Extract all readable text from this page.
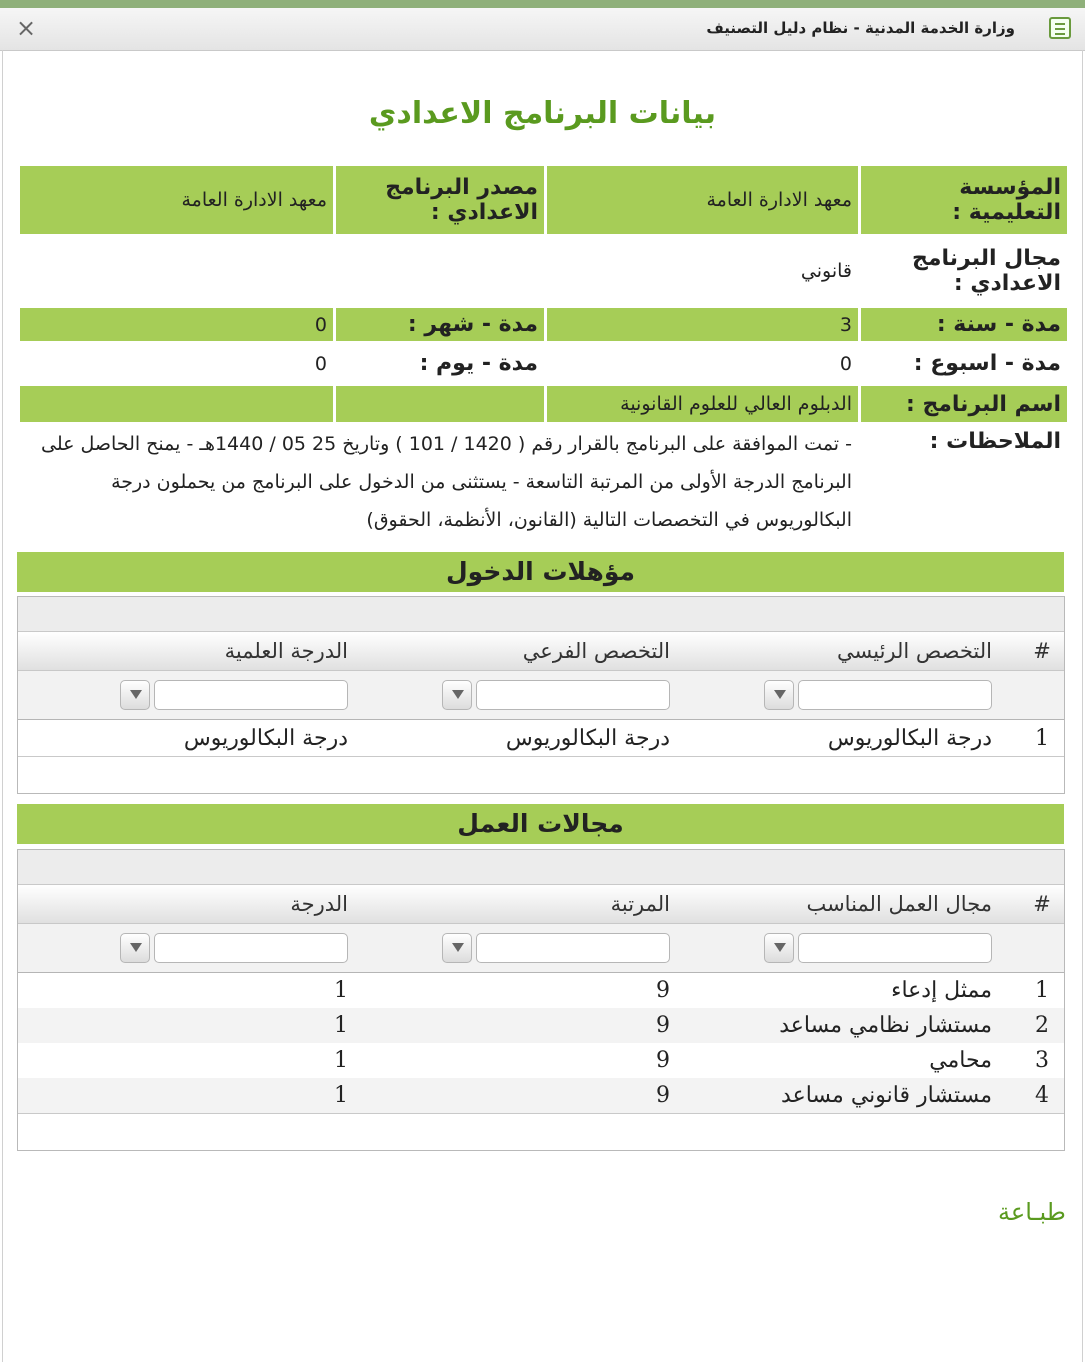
وزارة الخدمة المدنية - نظام دليل التصنيف
×
بيانات البرنامج الاعدادي
المؤسسة التعليمية :
معهد الادارة العامة
مصدر البرنامج الاعدادي :
معهد الادارة العامة
مجال البرنامج الاعدادي :
قانوني
مدة - سنة :
3
مدة - شهر :
0
مدة - اسبوع :
0
مدة - يوم :
0
اسم البرنامج :
الدبلوم العالي للعلوم القانونية
الملاحظات :
- تمت الموافقة على البرنامج بالقرار رقم ( 1420 / 101 ) وتاريخ 25 05 / 1440هـ - يمنح الحاصل على البرنامج الدرجة الأولى من المرتبة التاسعة - يستثنى من الدخول على البرنامج من يحملون درجة البكالوريوس في التخصصات التالية (القانون، الأنظمة، الحقوق)
مؤهلات الدخول
#
التخصص الرئيسي
التخصص الفرعي
الدرجة العلمية
1
درجة البكالوريوس
درجة البكالوريوس
درجة البكالوريوس
مجالات العمل
#
مجال العمل المناسب
المرتبة
الدرجة
1
ممثل إدعاء
9
1
2
مستشار نظامي مساعد
9
1
3
محامي
9
1
4
مستشار قانوني مساعد
9
1
طبـاعة
